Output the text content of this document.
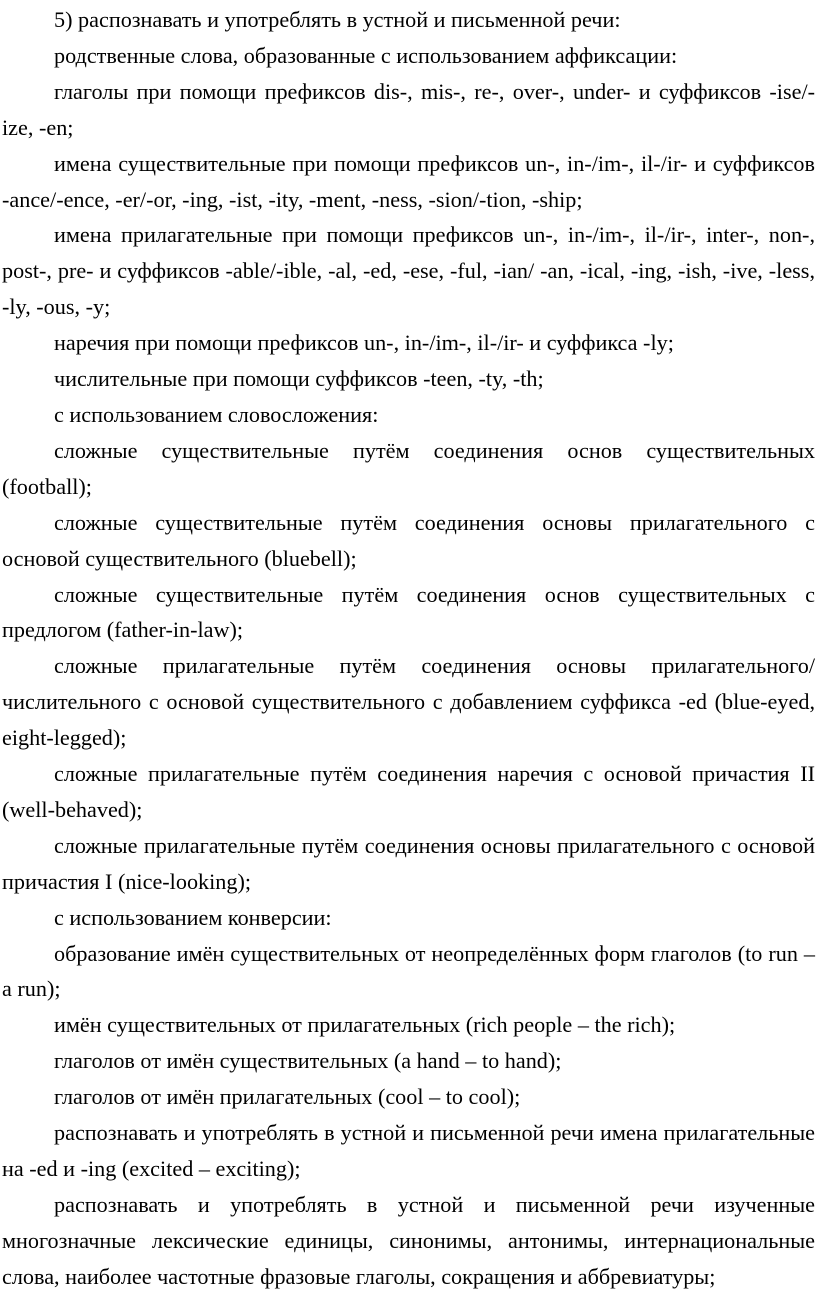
5) распознавать и употреблять в устной и письменной речи:

родственные слова, образованные с использованием аффиксации:

глаголы при помощи префиксов dis-, mis-, re-, over-, under- и суффиксов -ise/-ize, -en;

имена существительные при помощи префиксов un-, in-/im-, il-/ir- и суффиксов -ance/-ence, -er/-or, -ing, -ist, -ity, -ment, -ness, -sion/-tion, -ship;

имена прилагательные при помощи префиксов un-, in-/im-, il-/ir-, inter-, non-, post-, pre- и суффиксов -able/-ible, -al, -ed, -ese, -ful, -ian/ -an, -ical, -ing, -ish, -ive, -less, -ly, -ous, -y;

наречия при помощи префиксов un-, in-/im-, il-/ir- и суффикса -ly;

числительные при помощи суффиксов -teen, -ty, -th;

с использованием словосложения:

сложные существительные путём соединения основ существительных (football);

сложные существительные путём соединения основы прилагательного с основой существительного (bluebell);

сложные существительные путём соединения основ существительных с предлогом (father-in-law);

сложные прилагательные путём соединения основы прилагательного/числительного с основой существительного с добавлением суффикса -ed (blue-eyed, eight-legged);

сложные прилагательные путём соединения наречия с основой причастия II (well-behaved);

сложные прилагательные путём соединения основы прилагательного с основой причастия I (nice-looking);

с использованием конверсии:

образование имён существительных от неопределённых форм глаголов (to run – a run);

имён существительных от прилагательных (rich people – the rich);

глаголов от имён существительных (a hand – to hand);

глаголов от имён прилагательных (cool – to cool);

распознавать и употреблять в устной и письменной речи имена прилагательные на -ed и -ing (excited – exciting);

распознавать и употреблять в устной и письменной речи изученные многозначные лексические единицы, синонимы, антонимы, интернациональные слова, наиболее частотные фразовые глаголы, сокращения и аббревиатуры;
